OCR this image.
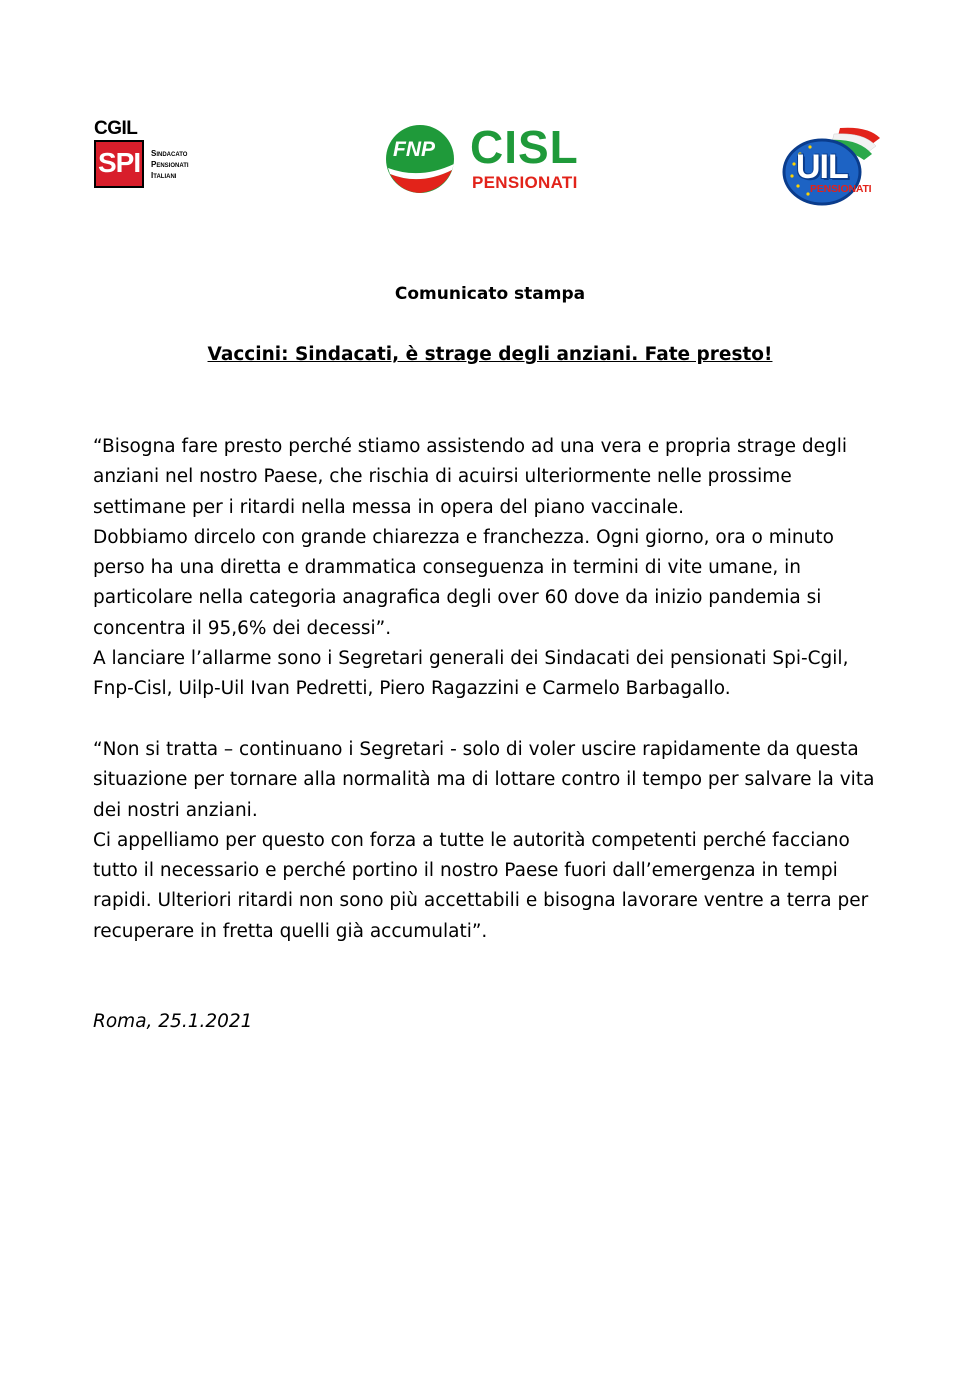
CGIL
SPI Sindacato
Pensionati
Italiani
FNP CISL
PENSIONATI	UIL
PENSIONATI
Comunicato stampa
Vaccini: Sindacati, è strage degli anziani. Fate presto!
“Bisogna fare presto perché stiamo assistendo ad una vera e propria strage degli
anziani nel nostro Paese, che rischia di acuirsi ulteriormente nelle prossime
settimane per i ritardi nella messa in opera del piano vaccinale.
Dobbiamo dircelo con grande chiarezza e franchezza. Ogni giorno, ora o minuto
perso ha una diretta e drammatica conseguenza in termini di vite umane, in
particolare nella categoria anagrafica degli over 60 dove da inizio pandemia si
concentra il 95,6% dei decessi”.
A lanciare l’allarme sono i Segretari generali dei Sindacati dei pensionati Spi-Cgil,
Fnp-Cisl, Uilp-Uil Ivan Pedretti, Piero Ragazzini e Carmelo Barbagallo.
“Non si tratta – continuano i Segretari - solo di voler uscire rapidamente da questa
situazione per tornare alla normalità ma di lottare contro il tempo per salvare la vita
dei nostri anziani.
Ci appelliamo per questo con forza a tutte le autorità competenti perché facciano
tutto il necessario e perché portino il nostro Paese fuori dall’emergenza in tempi
rapidi. Ulteriori ritardi non sono più accettabili e bisogna lavorare ventre a terra per
recuperare in fretta quelli già accumulati”.
Roma, 25.1.2021
